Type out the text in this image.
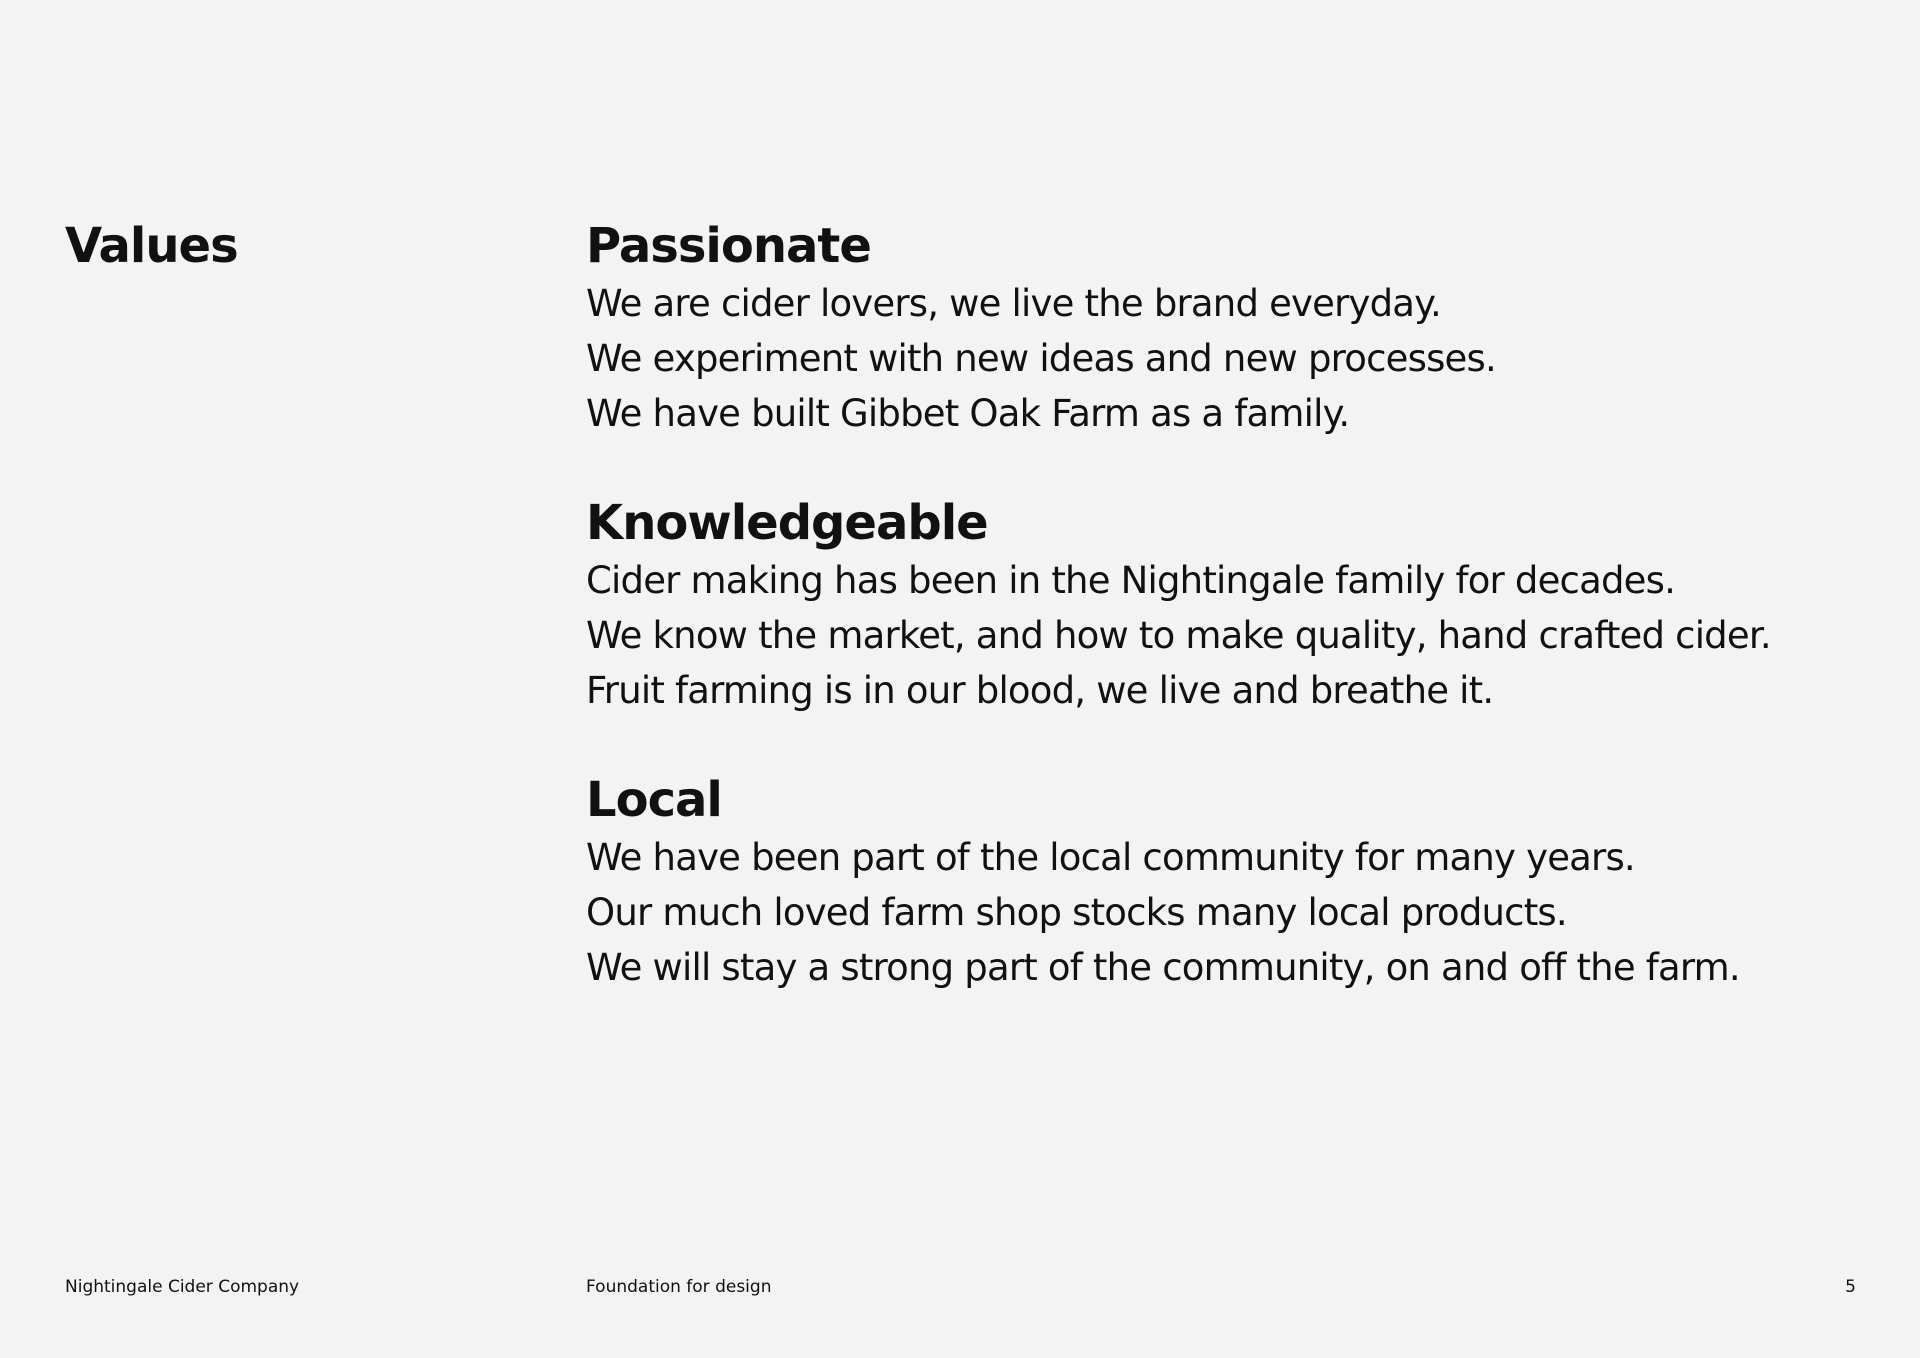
Values	Passionate
We are cider lovers, we live the brand everyday.
We experiment with new ideas and new processes.
We have built Gibbet Oak Farm as a family.
Knowledgeable
Cider making has been in the Nightingale family for decades.
We know the market, and how to make quality, hand crafted cider.
Fruit farming is in our blood, we live and breathe it.
Local
We have been part of the local community for many years.
Our much loved farm shop stocks many local products.
We will stay a strong part of the community, on and off the farm.
Nightingale Cider Company	Foundation for design	5
